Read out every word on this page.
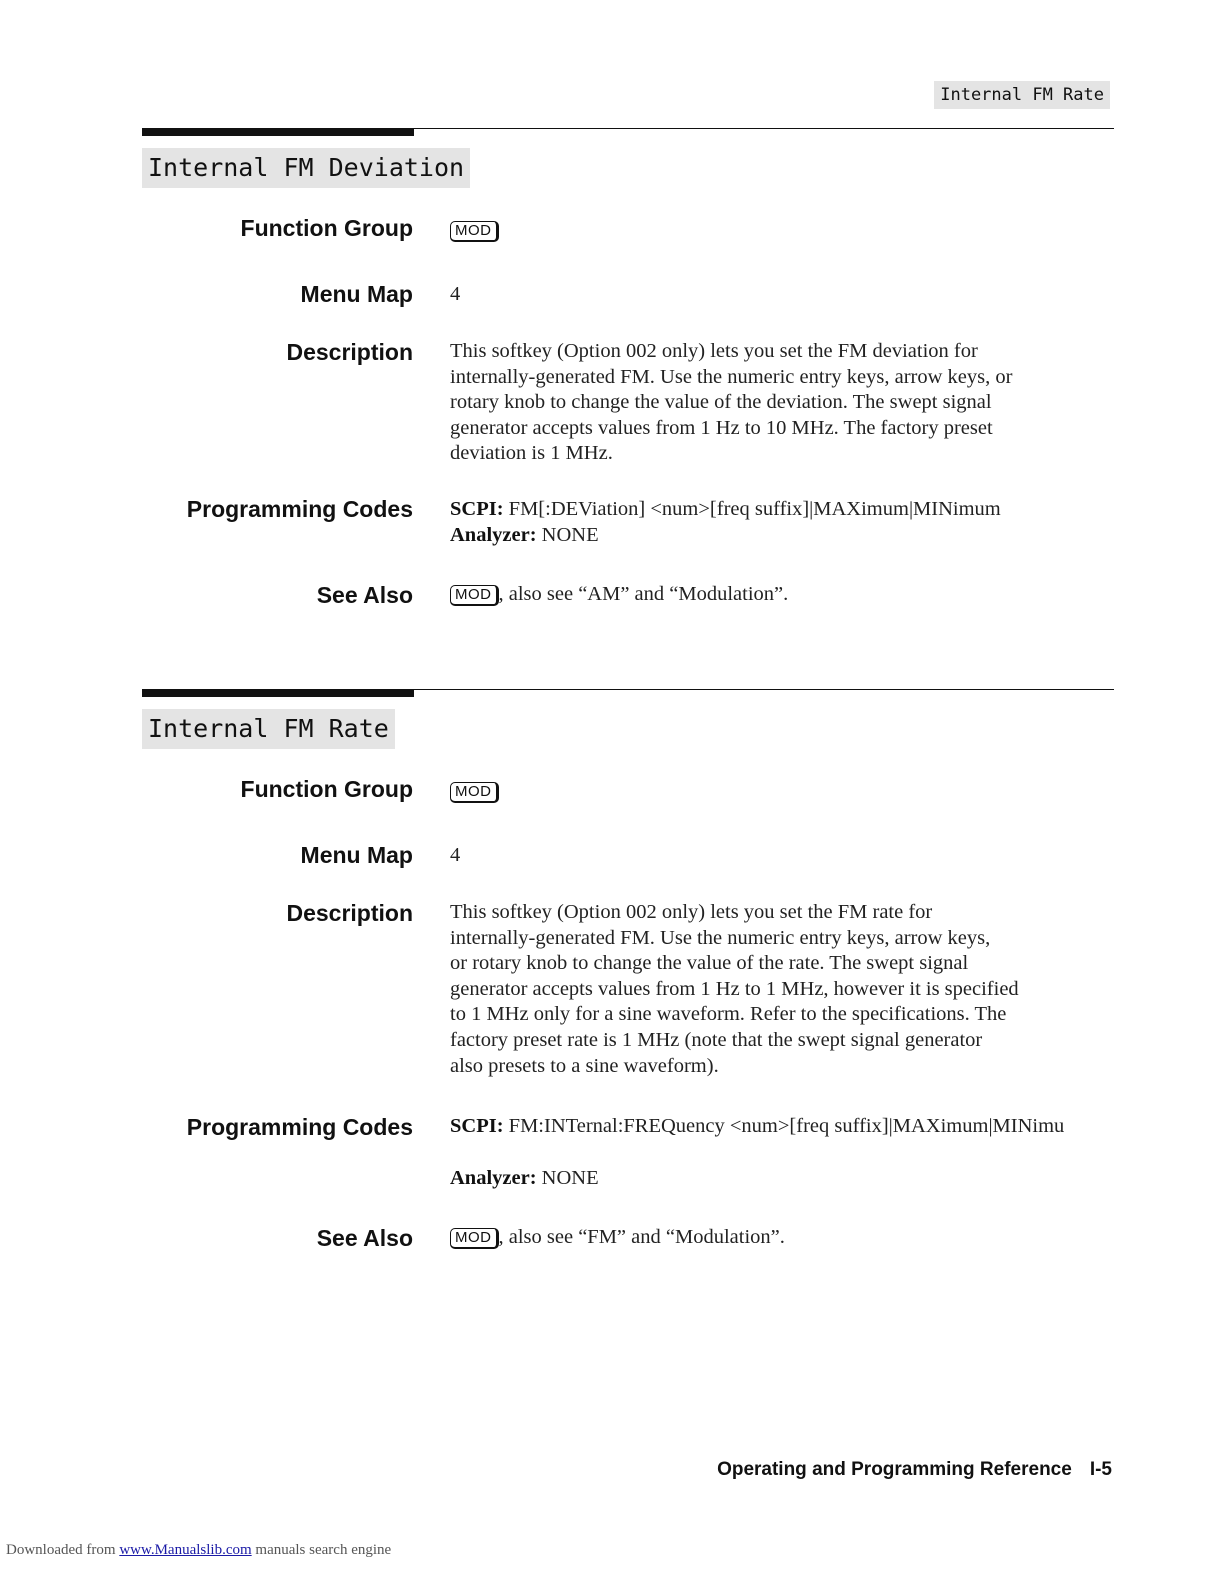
Internal FM Rate
Internal FM Deviation
Function Group	MOD
Menu Map 4
Description This softkey (Option 002 only) lets you set the FM deviation for
internally-generated FM. Use the numeric entry keys, arrow keys, or
rotary knob to change the value of the deviation. The swept signal
generator accepts values from 1 Hz to 10 MHz. The factory preset
deviation is 1 MHz.
Programming Codes SCPI: FM[:DEViation] <num>[freq suffix]|MAXimum|MINimum
Analyzer: NONE
See Also	MOD , also see “AM” and “Modulation”.
Internal FM Rate
Function Group	MOD
Menu Map 4
Description This softkey (Option 002 only) lets you set the FM rate for
internally-generated FM. Use the numeric entry keys, arrow keys,
or rotary knob to change the value of the rate. The swept signal
generator accepts values from 1 Hz to 1 MHz, however it is specified
to 1 MHz only for a sine waveform. Refer to the specifications. The
factory preset rate is 1 MHz (note that the swept signal generator
also presets to a sine waveform).
Programming Codes SCPI: FM:INTernal:FREQuency <num>[freq suffix]|MAXimum|MINimu
Analyzer: NONE
See Also	MOD , also see “FM” and “Modulation”.
Operating and Programming Reference I-5
Downloaded from www.Manualslib.com manuals search engine
